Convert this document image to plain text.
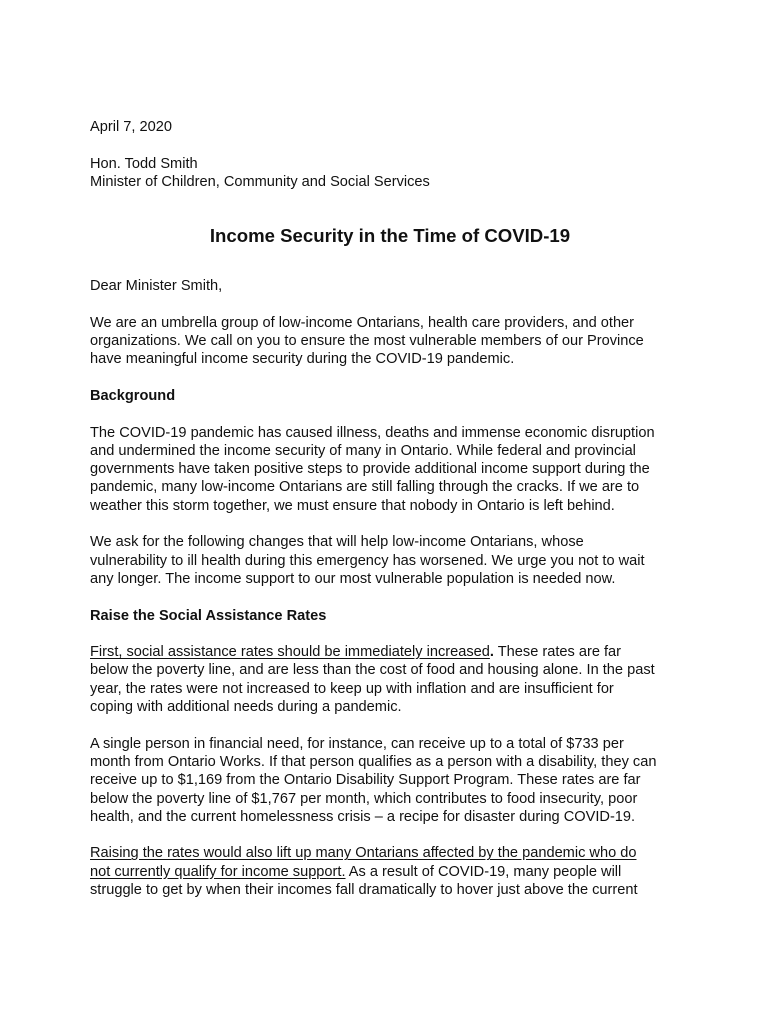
April 7, 2020

Hon. Todd Smith

Minister of Children, Community and Social Services

Income Security in the Time of COVID-19

Dear Minister Smith,

We are an umbrella group of low-income Ontarians, health care providers, and other
organizations. We call on you to ensure the most vulnerable members of our Province
have meaningful income security during the COVID-19 pandemic.

Background

The COVID-19 pandemic has caused illness, deaths and immense economic disruption
and undermined the income security of many in Ontario. While federal and provincial
governments have taken positive steps to provide additional income support during the
pandemic, many low-income Ontarians are still falling through the cracks. If we are to
weather this storm together, we must ensure that nobody in Ontario is left behind.

We ask for the following changes that will help low-income Ontarians, whose
vulnerability to ill health during this emergency has worsened. We urge you not to wait
any longer. The income support to our most vulnerable population is needed now.

Raise the Social Assistance Rates

First, social assistance rates should be immediately increased. These rates are far
below the poverty line, and are less than the cost of food and housing alone. In the past
year, the rates were not increased to keep up with inflation and are insufficient for
coping with additional needs during a pandemic.

A single person in financial need, for instance, can receive up to a total of $733 per
month from Ontario Works. If that person qualifies as a person with a disability, they can
receive up to $1,169 from the Ontario Disability Support Program. These rates are far
below the poverty line of $1,767 per month, which contributes to food insecurity, poor
health, and the current homelessness crisis – a recipe for disaster during COVID-19.

Raising the rates would also lift up many Ontarians affected by the pandemic who do
not currently qualify for income support. As a result of COVID-19, many people will
struggle to get by when their incomes fall dramatically to hover just above the current
